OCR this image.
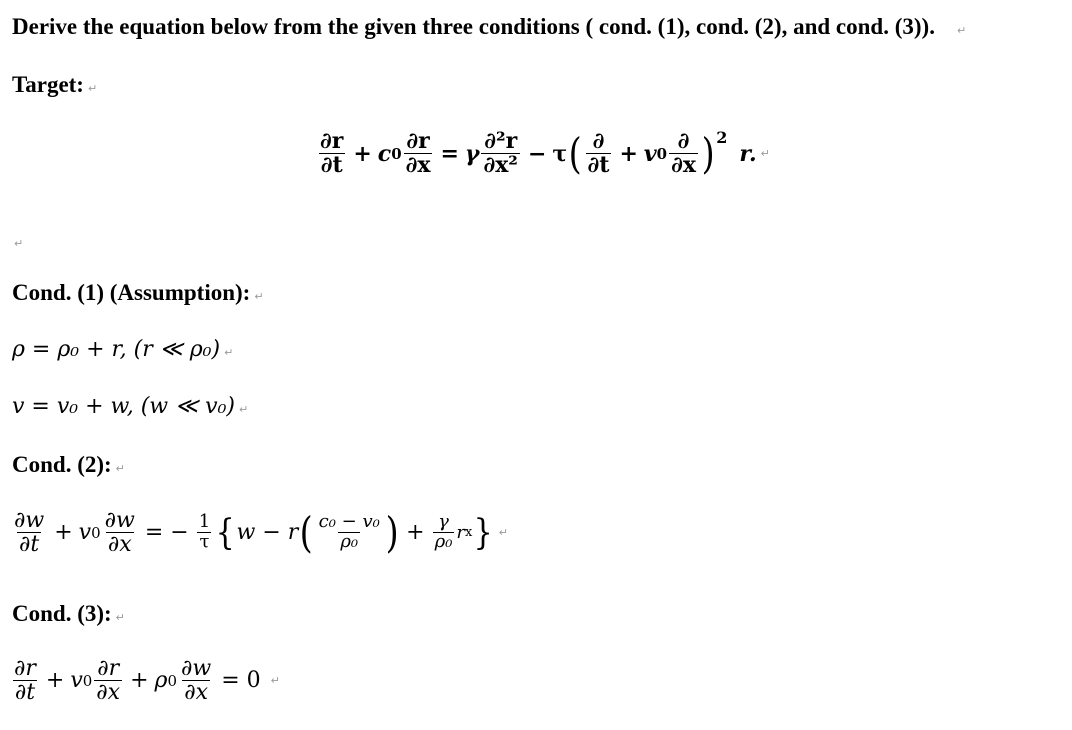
Derive the equation below from the given three conditions ( cond. (1), cond. (2), and cond. (3)). ↵
Target: ↵
$\frac{\partial r}{\partial t} + c$ $0 \frac{\partial r}{\partial x} = \gamma \frac{\text{∂²r}}{\text{∂x²}} - \tau$ ( $\frac{\partial}{\partial t} + v$ $0 \frac{\partial}{\partial x}$ ) 2
r. ↵
↵
Cond. (1) (Assumption): ↵
ρ = ρ₀ + r, (r ≪ ρ₀) ↵
v = v₀ + w, (w ≪ v₀) ↵
Cond. (2): ↵
$\frac{\partial w}{\partial t} + v$ $0 \frac{\partial w}{\partial x}$ = − $\frac{1}{\tau}$ { w − r ( $\frac{\text{c₀ − v₀}}{\text{ρ₀}}$ ) + $\frac{\gamma}{\text{ρ₀}}$ r x } ↵
Cond. (3): ↵
$\frac{\partial r}{\partial t} + v$ $0 \frac{\partial r}{\partial x} + \rho$ $0 \frac{\partial w}{\partial x} = 0$ ↵
